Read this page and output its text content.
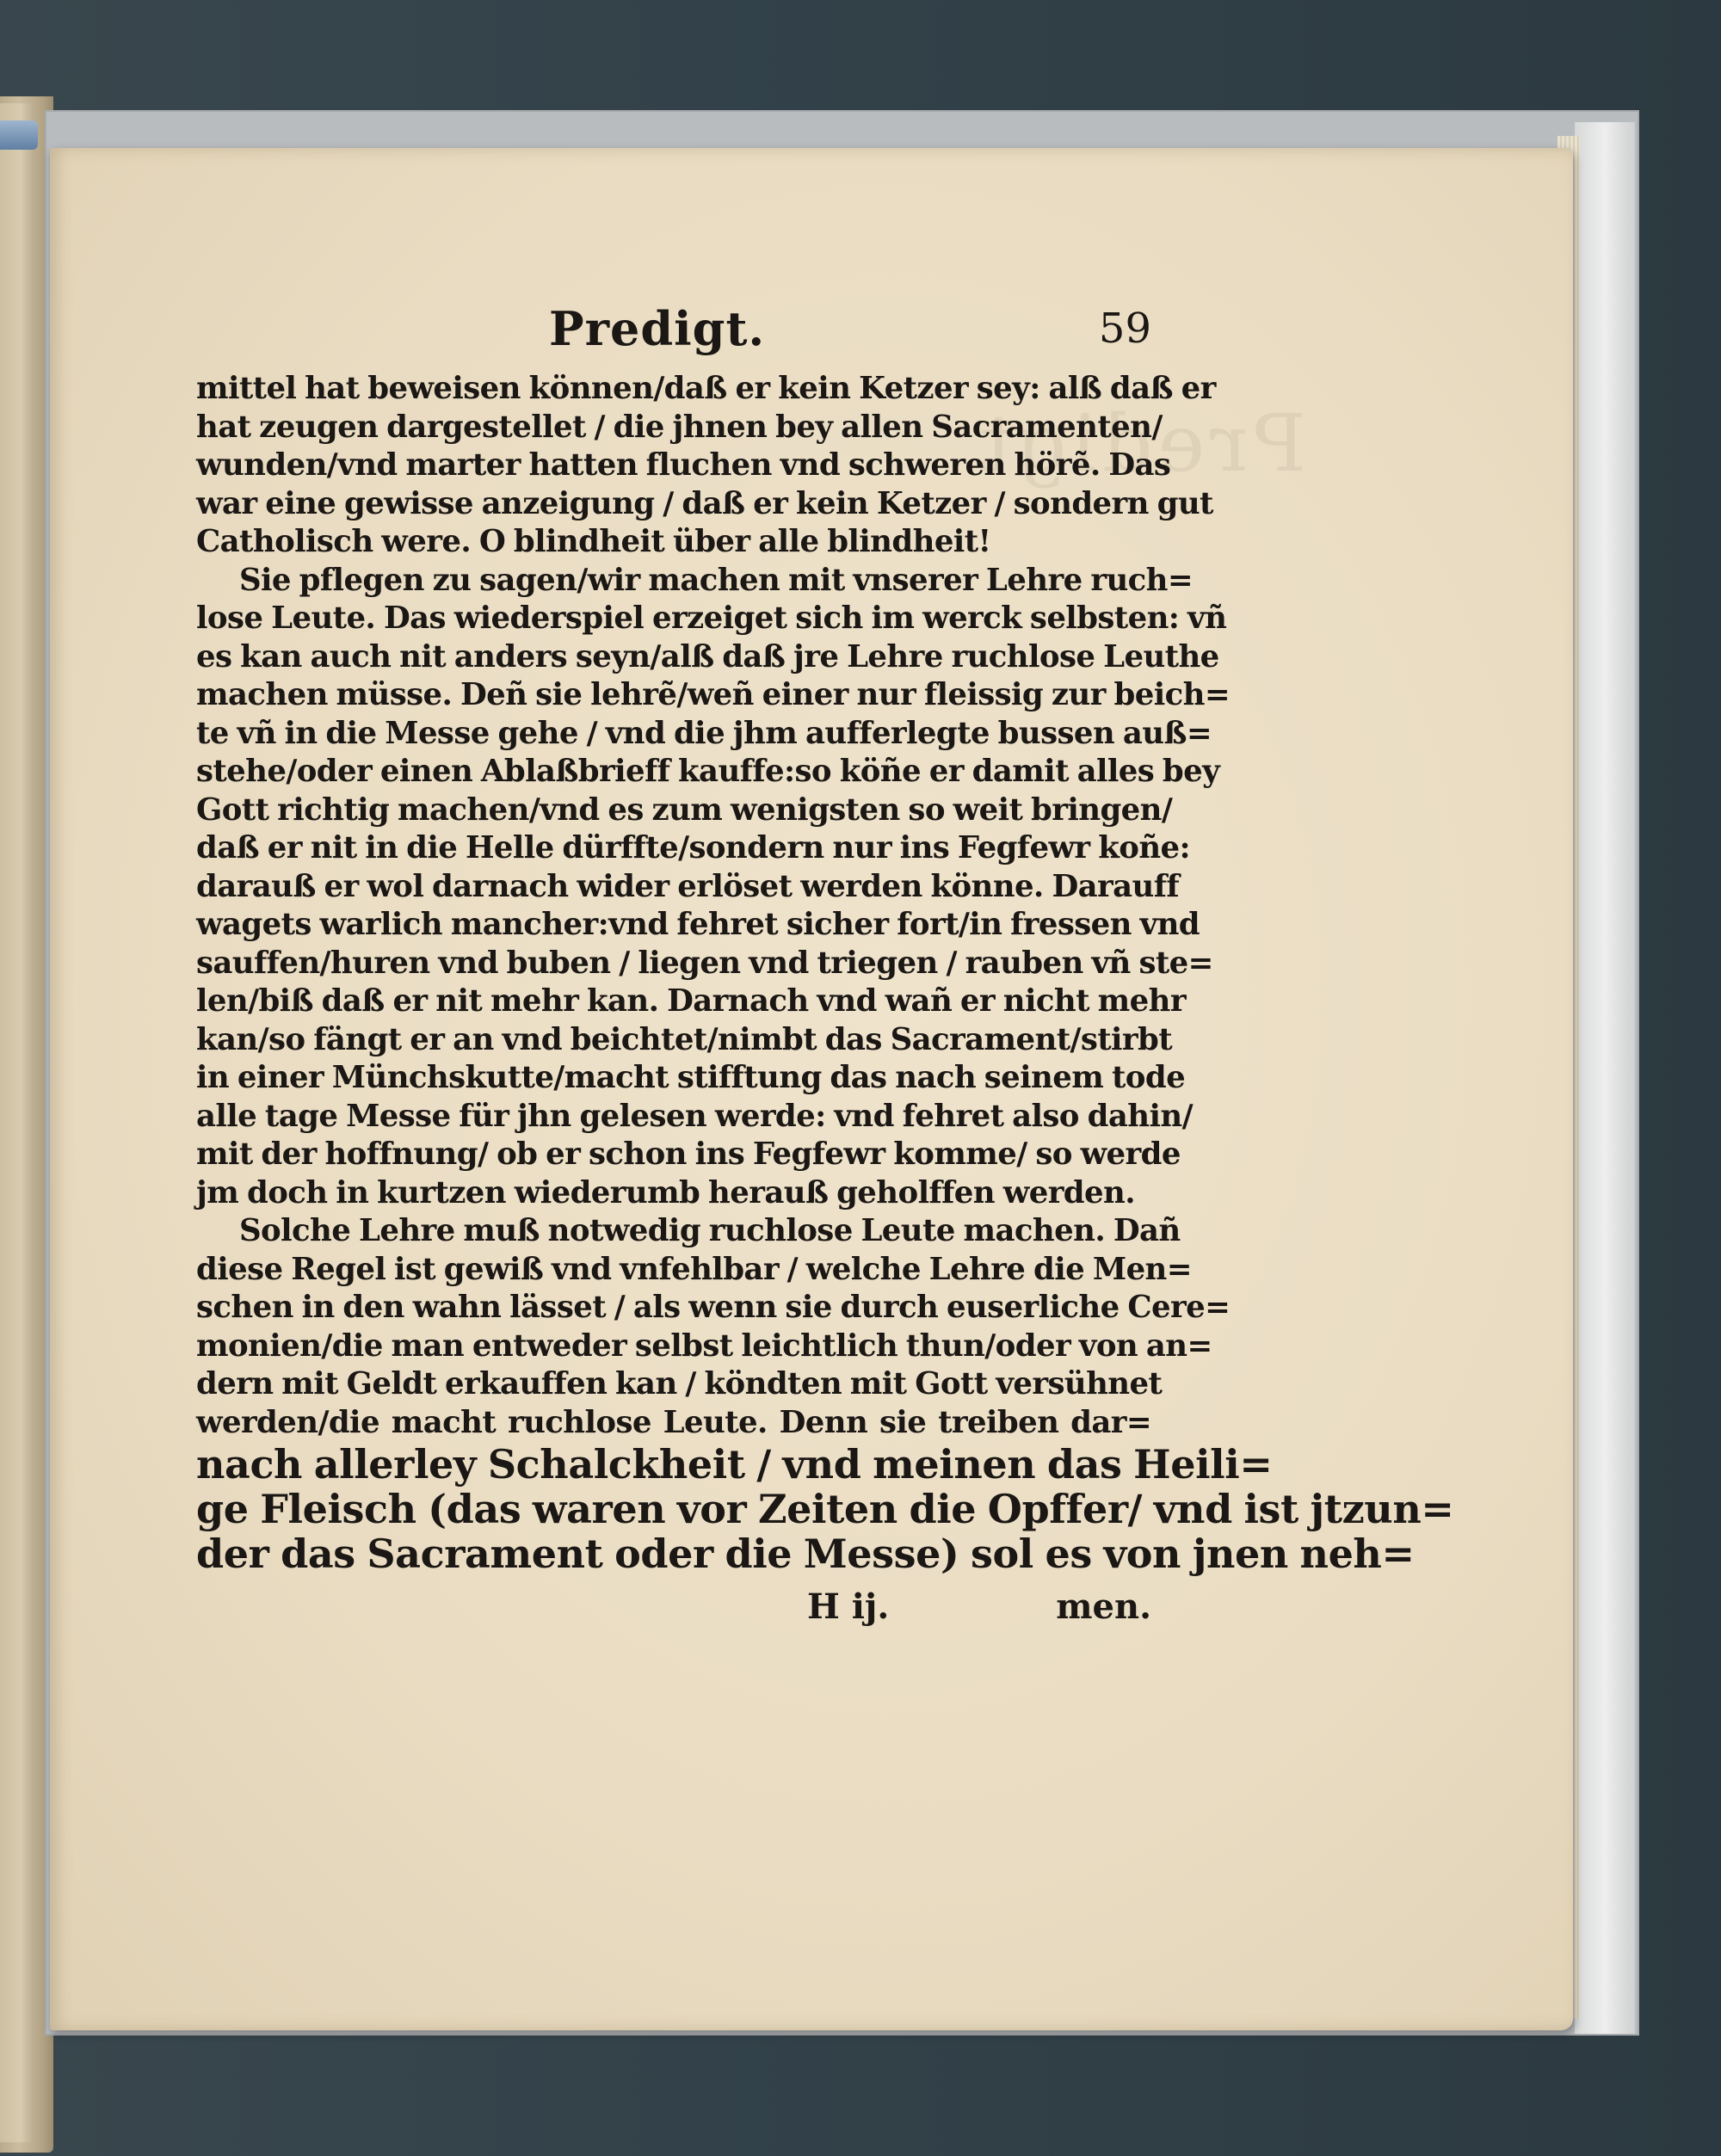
Predigt
Predigt.	59
mittel hat beweisen können/daß er kein Ketzer sey: alß daß er
hat zeugen dargestellet / die jhnen bey allen Sacramenten/
wunden/vnd marter hatten fluchen vnd schweren hörẽ. Das
war eine gewisse anzeigung / daß er kein Ketzer / sondern gut
Catholisch were. O blindheit über alle blindheit!
Sie pflegen zu sagen/wir machen mit vnserer Lehre ruch=
lose Leute. Das wiederspiel erzeiget sich im werck selbsten: vñ
es kan auch nit anders seyn/alß daß jre Lehre ruchlose Leuthe
machen müsse. Deñ sie lehrẽ/weñ einer nur fleissig zur beich=
te vñ in die Messe gehe / vnd die jhm aufferlegte bussen auß=
stehe/oder einen Ablaßbrieff kauffe:so köñe er damit alles bey
Gott richtig machen/vnd es zum wenigsten so weit bringen/
daß er nit in die Helle dürffte/sondern nur ins Fegfewr koñe:
darauß er wol darnach wider erlöset werden könne. Darauff
wagets warlich mancher:vnd fehret sicher fort/in fressen vnd
sauffen/huren vnd buben / liegen vnd triegen / rauben vñ ste=
len/biß daß er nit mehr kan. Darnach vnd wañ er nicht mehr
kan/so fängt er an vnd beichtet/nimbt das Sacrament/stirbt
in einer Münchskutte/macht stifftung das nach seinem tode
alle tage Messe für jhn gelesen werde: vnd fehret also dahin/
mit der hoffnung/ ob er schon ins Fegfewr komme/ so werde
jm doch in kurtzen wiederumb herauß geholffen werden.
Solche Lehre muß notwedig ruchlose Leute machen. Dañ
diese Regel ist gewiß vnd vnfehlbar / welche Lehre die Men=
schen in den wahn lässet / als wenn sie durch euserliche Cere=
monien/die man entweder selbst leichtlich thun/oder von an=
dern mit Geldt erkauffen kan / köndten mit Gott versühnet
werden/die macht ruchlose Leute. Denn sie treiben dar=
nach allerley Schalckheit / vnd meinen das Heili=
ge Fleisch (das waren vor Zeiten die Opffer/ vnd ist jtzun=
der das Sacrament oder die Messe) sol es von jnen neh=
H ij.	men.
